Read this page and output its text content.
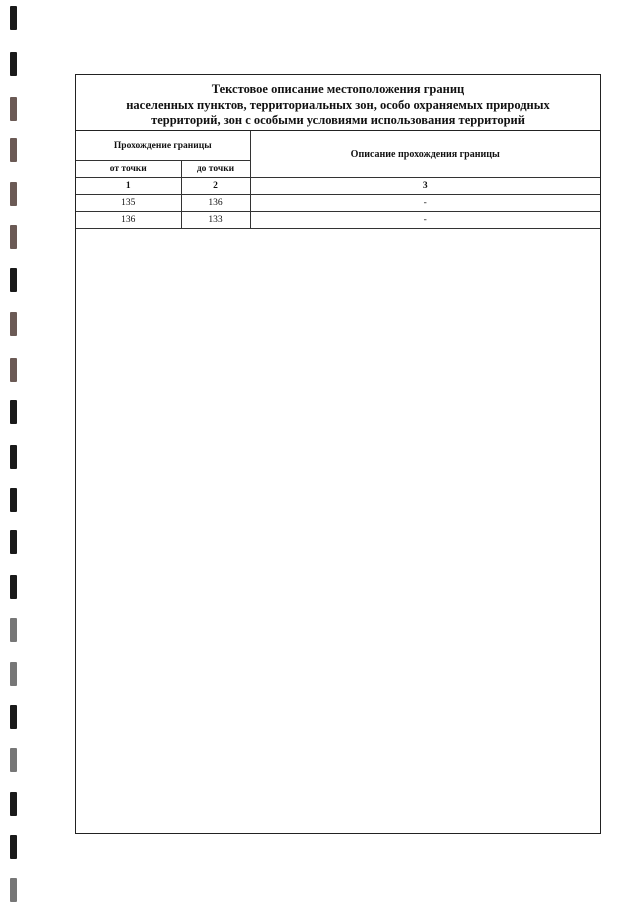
Текстовое описание местоположения границ
населенных пунктов, территориальных зон, особо охраняемых природных
территорий, зон с особыми условиями использования территорий
Прохождение границы		Описание прохождения границы
от точки	до точки	
1	2	3
135	136	-
136	133	-
